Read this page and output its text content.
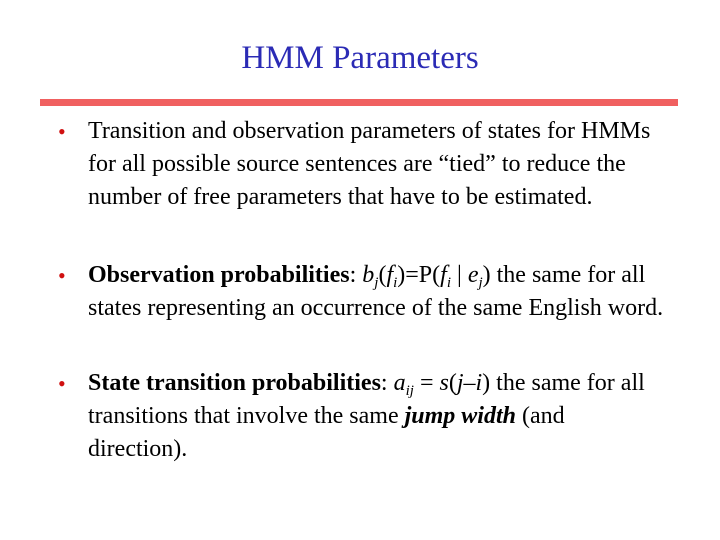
HMM Parameters
• Transition and observation parameters of states for HMMs for all possible source sentences are “tied” to reduce the number of free parameters that have to be estimated.
• Observation probabilities: $b_j(f_i)=P(f_i$ | $e_j$) the same for all states representing an occurrence of the same English word.
• State transition probabilities: $a_{ij} = s(j-i)$ the same for all transitions that involve the same jump width (and direction).
